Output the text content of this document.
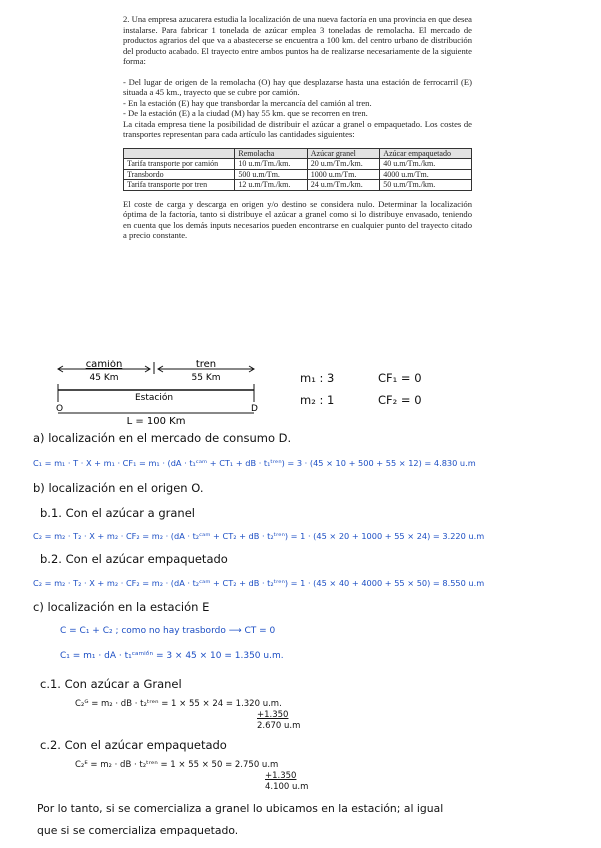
2. Una empresa azucarera estudia la localización de una nueva factoría en una provincia en que desea instalarse. Para fabricar 1 tonelada de azúcar emplea 3 toneladas de remolacha. El mercado de productos agrarios del que va a abastecerse se encuentra a 100 km. del centro urbano de distribución del producto acabado. El trayecto entre ambos puntos ha de realizarse necesariamente de la siguiente forma:

- Del lugar de origen de la remolacha (O) hay que desplazarse hasta una estación de ferrocarril (E) situada a 45 km., trayecto que se cubre por camión.

- En la estación (E) hay que transbordar la mercancía del camión al tren.

- De la estación (E) a la ciudad (M) hay 55 km. que se recorren en tren.

La citada empresa tiene la posibilidad de distribuir el azúcar a granel o empaquetado. Los costes de transportes representan para cada artículo las cantidades siguientes:

	Remolacha	Azúcar granel	Azúcar empaquetado
Tarifa transporte por camión	10 u.m/Tm./km.	20 u.m/Tm./km.	40 u.m/Tm./km.
Transbordo	500 u.m/Tm.	1000 u.m/Tm.	4000 u.m/Tm.
Tarifa transporte por tren	12 u.m/Tm./km.	24 u.m/Tm./km.	50 u.m/Tm./km.

El coste de carga y descarga en origen y/o destino se considera nulo. Determinar la localización óptima de la factoría, tanto si distribuye el azúcar a granel como si lo distribuye envasado, teniendo en cuenta que los demás inputs necesarios pueden encontrarse en cualquier punto del trayecto citado a precio constante.

camión
45 Km
tren
55 Km
Estación
O	D
L = 100 Km
m₁ : 3	CF₁ = 0
m₂ : 1	CF₂ = 0
a) localización en el mercado de consumo D.
C₁ = m₁ · T · X + m₁ · CF₁ = m₁ · (dA · t₁ᶜᵃᵐ + CT₁ + dB · t₁ᵗʳᵉⁿ) = 3 · (45 × 10 + 500 + 55 × 12) = 4.830 u.m
b) localización en el origen O.
b.1. Con el azúcar a granel
C₂ = m₂ · T₂ · X + m₂ · CF₂ = m₂ · (dA · t₂ᶜᵃᵐ + CT₂ + dB · t₂ᵗʳᵉⁿ) = 1 · (45 × 20 + 1000 + 55 × 24) = 3.220 u.m
b.2. Con el azúcar empaquetado
C₂ = m₂ · T₂ · X + m₂ · CF₂ = m₂ · (dA · t₂ᶜᵃᵐ + CT₂ + dB · t₂ᵗʳᵉⁿ) = 1 · (45 × 40 + 4000 + 55 × 50) = 8.550 u.m
c) localización en la estación E
C = C₁ + C₂ ; como no hay trasbordo ⟶ CT = 0
C₁ = m₁ · dA · t₁ᶜᵃᵐⁱᵒ́ⁿ = 3 × 45 × 10 = 1.350 u.m.
c.1. Con azúcar a Granel
C₂ᴳ = m₂ · dB · t₂ᵗʳᵉⁿ = 1 × 55 × 24 = 1.320 u.m.
+1.350
2.670 u.m
c.2. Con el azúcar empaquetado
C₂ᴱ = m₂ · dB · t₂ᵗʳᵉⁿ = 1 × 55 × 50 = 2.750 u.m
+1.350
4.100 u.m
Por lo tanto, si se comercializa a granel lo ubicamos en la estación; al igual
que si se comercializa empaquetado.
